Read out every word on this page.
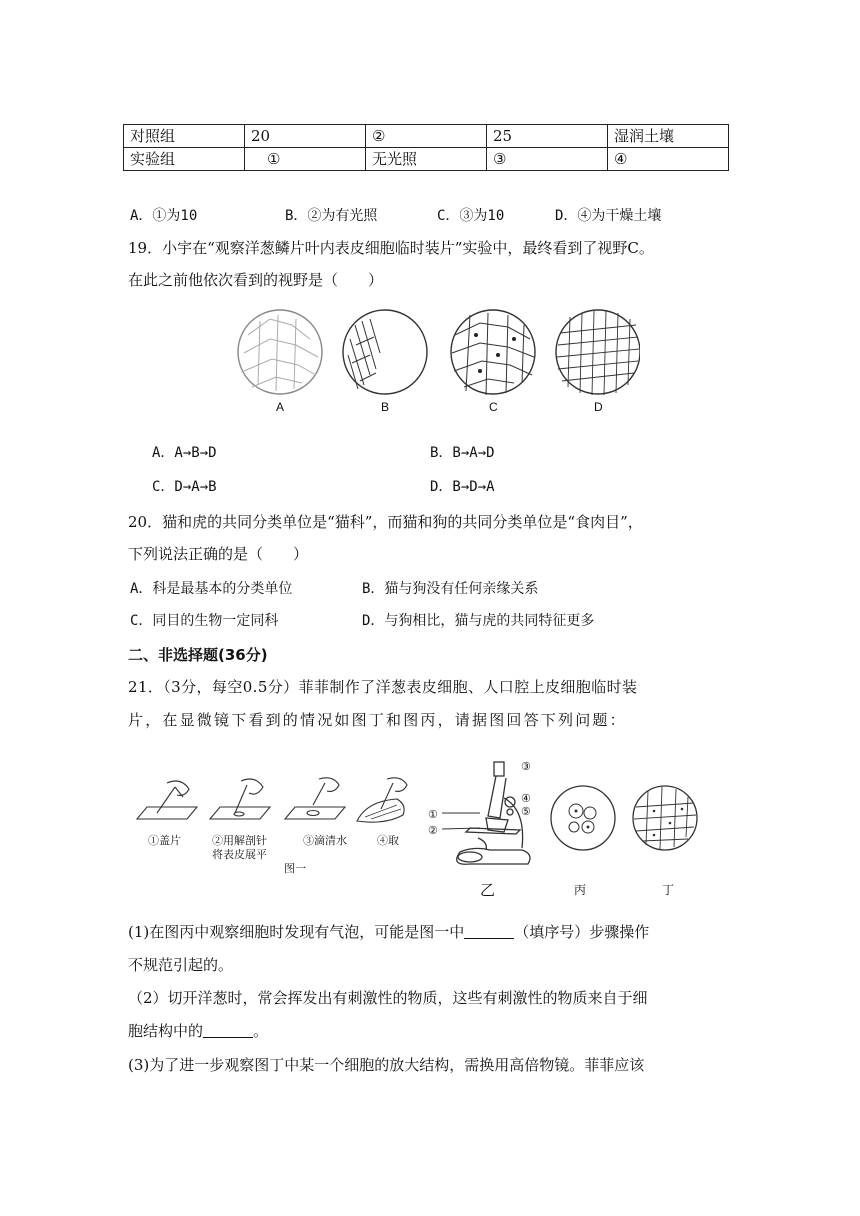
对照组	20	②	25	湿润土壤
实验组	①	无光照	③	④
A．①为10	B．②为有光照	C．③为10	D．④为干燥土壤
19．小宇在“观察洋葱鳞片叶内表皮细胞临时装片”实验中，最终看到了视野C。
在此之前他依次看到的视野是（　　）
A	B	C	D
A．A→B→D	B．B→A→D
C．D→A→B	D．B→D→A
20．猫和虎的共同分类单位是“猫科”，而猫和狗的共同分类单位是“食肉目”，
下列说法正确的是（　　）
A．科是最基本的分类单位	B．猫与狗没有任何亲缘关系
C．同目的生物一定同科	D．与狗相比，猫与虎的共同特征更多
二、非选择题(36分)
21．（3分，每空0.5分）菲菲制作了洋葱表皮细胞、人口腔上皮细胞临时装
片，在显微镜下看到的情况如图丁和图丙，请据图回答下列问题：
①盖片	②用解剖针
将表皮展平
③滴清水	④取
图一
③
④
⑤
①
②
乙	丙	丁
(1)在图丙中观察细胞时发现有气泡，可能是图一中	（填序号）步骤操作
不规范引起的。
（2）切开洋葱时，常会挥发出有刺激性的物质，这些有刺激性的物质来自于细
胞结构中的	。
(3)为了进一步观察图丁中某一个细胞的放大结构，需换用高倍物镜。菲菲应该
